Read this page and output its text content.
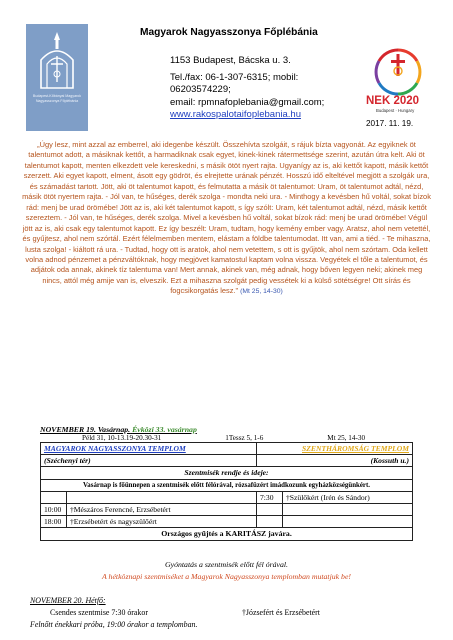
Budapest-Kőbányai Magyarok Nagyasszonya Főplébánia
Magyarok Nagyasszonya Főplébánia
1153 Budapest, Bácska u. 3.
Tel./fax: 06-1-307-6315; mobil:
06203574229;
email: rpmnafoplebania@gmail.com;
www.rakospalotaifoplebania.hu
NEK 2020
Budapest · Hungary
2017. 11. 19.
„Úgy lesz, mint azzal az emberrel, aki idegenbe készült. Összehívta szolgáit, s rájuk bízta vagyonát. Az egyiknek öt talentumot adott, a másiknak kettőt, a harmadiknak csak egyet, kinek-kinek rátermettsége szerint, azután útra kelt. Aki öt talentumot kapott, menten elkezdett vele kereskedni, s másik ötöt nyert rajta. Ugyanígy az is, aki kettőt kapott, másik kettőt szerzett. Aki egyet kapott, elment, ásott egy gödröt, és elrejtette urának pénzét. Hosszú idő elteltével megjött a szolgák ura, és számadást tartott. Jött, aki öt talentumot kapott, és felmutatta a másik öt talentumot: Uram, öt talentumot adtál, nézd, másik ötöt nyertem rajta. - Jól van, te hűséges, derék szolga - mondta neki ura. - Minthogy a kevésben hű voltál, sokat bízok rád: menj be urad örömébe! Jött az is, aki két talentumot kapott, s így szólt: Uram, két talentumot adtál, nézd, másik kettőt szereztem. - Jól van, te hűséges, derék szolga. Mivel a kevésben hű voltál, sokat bízok rád: menj be urad örömébe! Végül jött az is, aki csak egy talentumot kapott. Ez így beszélt: Uram, tudtam, hogy kemény ember vagy. Aratsz, ahol nem vetettél, és gyűjtesz, ahol nem szórtál. Ezért félelmemben mentem, elástam a földbe talentumodat. Itt van, ami a tiéd. - Te mihaszna, lusta szolga! - kiáltott rá ura. - Tudtad, hogy ott is aratok, ahol nem vetettem, s ott is gyűjtök, ahol nem szórtam. Oda kellett volna adnod pénzemet a pénzváltóknak, hogy megjövet kamatostul kaptam volna vissza. Vegyétek el tőle a talentumot, és adjátok oda annak, akinek tíz talentuma van! Mert annak, akinek van, még adnak, hogy bőven legyen neki; akinek meg nincs, attól még amije van is, elveszik. Ezt a mihaszna szolgát pedig vessétek ki a külső sötétségre! Ott sírás és fogcsikorgatás lesz.” (Mt 25, 14-30)
NOVEMBER 19. Vasárnap. Évközi 33. vasárnap
Péld 31, 10-13.19-20.30-31	1Tessz 5, 1-6	Mt 25, 14-30
MAGYAROK NAGYASSZONYA TEMPLOM		SZENTHÁROMSÁG TEMPLOM	
(Széchenyi tér)		(Kossuth u.)	
Szentmisék rendje és ideje:			
Vasárnap is főünnepen a szentmisék előtt félórával, rózsafüzért imádkozunk egyházközségünkért.			
		7:30	†Szülőkért (Irén és Sándor)
10:00	†Mészáros Ferencné, Erzsébetért		
18:00	†Erzsébetért és nagyszülőért		
Országos gyűjtés a KARITÁSZ javára.			
Gyóntatás a szentmisék előtt fél órával.
A hétköznapi szentmiséket a Magyarok Nagyasszonya templomban mutatjuk be!
NOVEMBER 20. Hétfő:
Csendes szentmise 7:30 órakor	†Józsefért és Erzsébetért
Felnőtt énekkari próba, 19:00 órakor a templomban.
